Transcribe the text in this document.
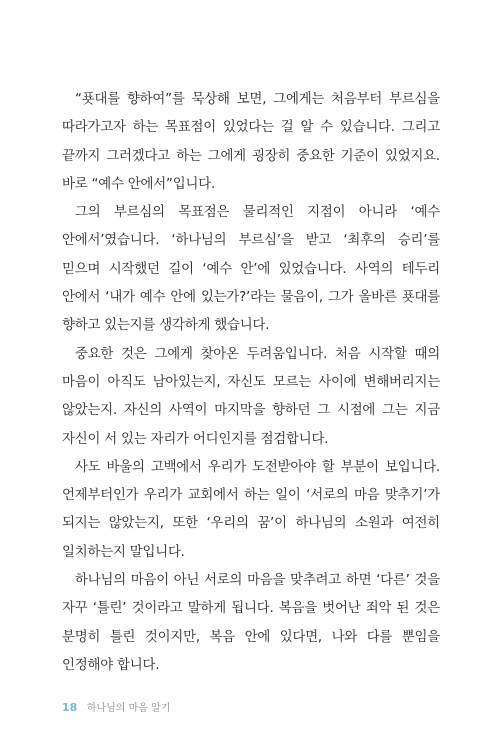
“푯대를 향하여”를 묵상해 보면, 그에게는 처음부터 부르심을 따라가고자 하는 목표점이 있었다는 걸 알 수 있습니다. 그리고 끝까지 그러겠다고 하는 그에게 굉장히 중요한 기준이 있었지요. 바로 “예수 안에서”입니다.

그의 부르심의 목표점은 물리적인 지점이 아니라 ‘예수 안에서’였습니다. ‘하나님의 부르심’을 받고 ‘최후의 승리’를 믿으며 시작했던 길이 ‘예수 안’에 있었습니다. 사역의 테두리 안에서 ‘내가 예수 안에 있는가?’라는 물음이, 그가 올바른 푯대를 향하고 있는지를 생각하게 했습니다.

중요한 것은 그에게 찾아온 두려움입니다. 처음 시작할 때의 마음이 아직도 남아있는지, 자신도 모르는 사이에 변해버리지는 않았는지. 자신의 사역이 마지막을 향하던 그 시점에 그는 지금 자신이 서 있는 자리가 어디인지를 점검합니다.

사도 바울의 고백에서 우리가 도전받아야 할 부분이 보입니다. 언제부터인가 우리가 교회에서 하는 일이 ‘서로의 마음 맞추기’가 되지는 않았는지, 또한 ‘우리의 꿈’이 하나님의 소원과 여전히 일치하는지 말입니다.

하나님의 마음이 아닌 서로의 마음을 맞추려고 하면 ‘다른’ 것을 자꾸 ‘틀린’ 것이라고 말하게 됩니다. 복음을 벗어난 죄악 된 것은 분명히 틀린 것이지만, 복음 안에 있다면, 나와 다를 뿐임을 인정해야 합니다.

18 하나님의 마음 알기
